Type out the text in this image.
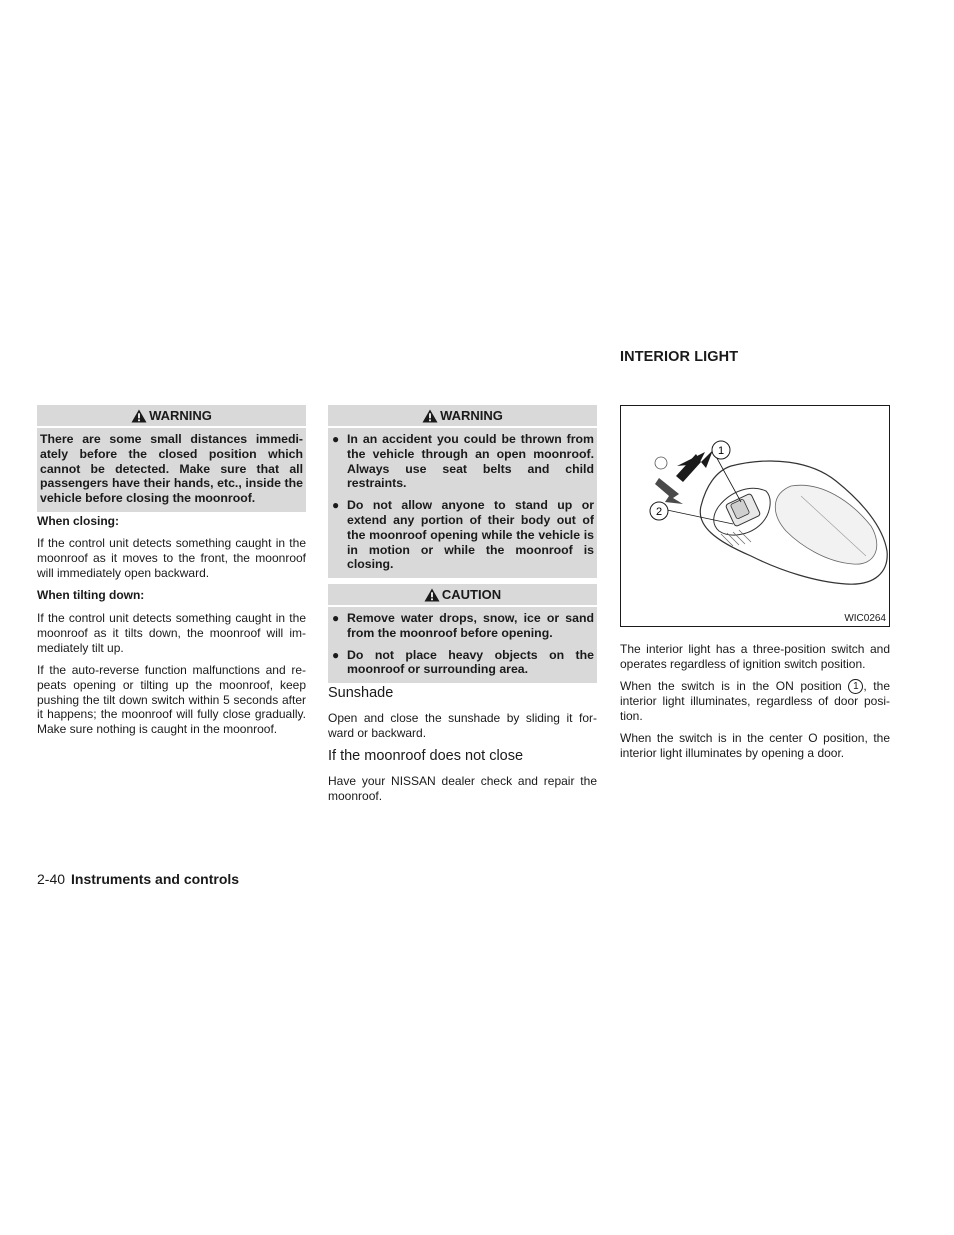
WARNING
There are some small distances immedi-ately before the closed position which cannot be detected. Make sure that all passengers have their hands, etc., inside the vehicle before closing the moonroof.

When closing:

If the control unit detects something caught in the moonroof as it moves to the front, the moonroof will immediately open backward.

When tilting down:

If the control unit detects something caught in the moonroof as it tilts down, the moonroof will im-mediately tilt up.

If the auto-reverse function malfunctions and re-peats opening or tilting up the moonroof, keep pushing the tilt down switch within 5 seconds after it happens; the moonroof will fully close gradually. Make sure nothing is caught in the moonroof.

WARNING
● In an accident you could be thrown from the vehicle through an open moonroof. Always use seat belts and child restraints.
● Do not allow anyone to stand up or extend any portion of their body out of the moonroof opening while the vehicle is in motion or while the moonroof is closing.
CAUTION
● Remove water drops, snow, ice or sand from the moonroof before opening.
● Do not place heavy objects on the moonroof or surrounding area.

Sunshade

Open and close the sunshade by sliding it for-ward or backward.

If the moonroof does not close

Have your NISSAN dealer check and repair the moonroof.

INTERIOR LIGHT
1
2
WIC0264

The interior light has a three-position switch and operates regardless of ignition switch position.

When the switch is in the ON position 1 , the interior light illuminates, regardless of door posi-tion.

When the switch is in the center O position, the interior light illuminates by opening a door.

2-40 Instruments and controls
